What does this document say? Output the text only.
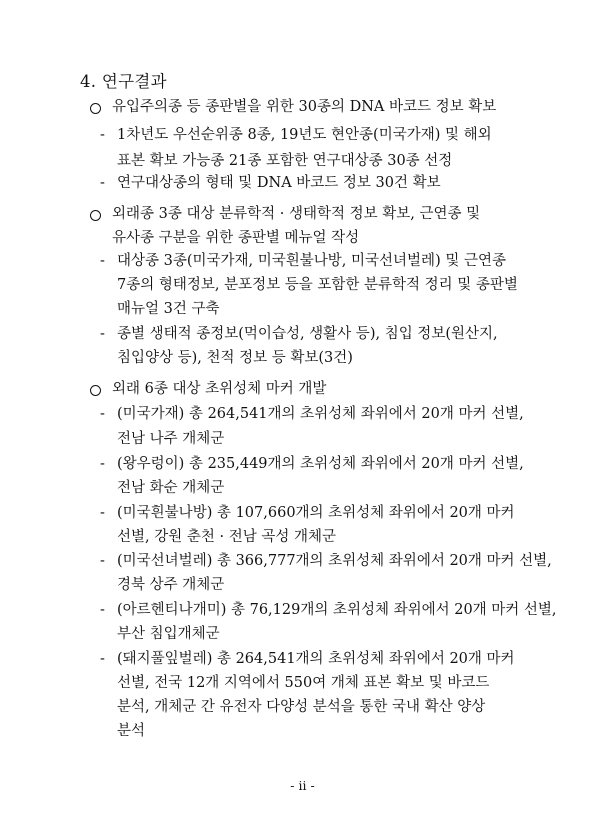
4. 연구결과
유입주의종 등 종판별을 위한 30종의 DNA 바코드 정보 확보
- 1차년도 우선순위종 8종, 19년도 현안종(미국가재) 및 해외
표본 확보 가능종 21종 포함한 연구대상종 30종 선정
- 연구대상종의 형태 및 DNA 바코드 정보 30건 확보
외래종 3종 대상 분류학적 · 생태학적 정보 확보, 근연종 및
유사종 구분을 위한 종판별 메뉴얼 작성
- 대상종 3종(미국가재, 미국흰불나방, 미국선녀벌레) 및 근연종
7종의 형태정보, 분포정보 등을 포함한 분류학적 정리 및 종판별
매뉴얼 3건 구축
- 종별 생태적 종정보(먹이습성, 생활사 등), 침입 정보(원산지,
침입양상 등), 천적 정보 등 확보(3건)
외래 6종 대상 초위성체 마커 개발
- (미국가재) 총 264,541개의 초위성체 좌위에서 20개 마커 선별,
전남 나주 개체군
- (왕우렁이) 총 235,449개의 초위성체 좌위에서 20개 마커 선별,
전남 화순 개체군
- (미국흰불나방) 총 107,660개의 초위성체 좌위에서 20개 마커
선별, 강원 춘천 · 전남 곡성 개체군
- (미국선녀벌레) 총 366,777개의 초위성체 좌위에서 20개 마커 선별,
경북 상주 개체군
- (아르헨티나개미) 총 76,129개의 초위성체 좌위에서 20개 마커 선별,
부산 침입개체군
- (돼지풀잎벌레) 총 264,541개의 초위성체 좌위에서 20개 마커
선별, 전국 12개 지역에서 550여 개체 표본 확보 및 바코드
분석, 개체군 간 유전자 다양성 분석을 통한 국내 확산 양상
분석
- ii -
